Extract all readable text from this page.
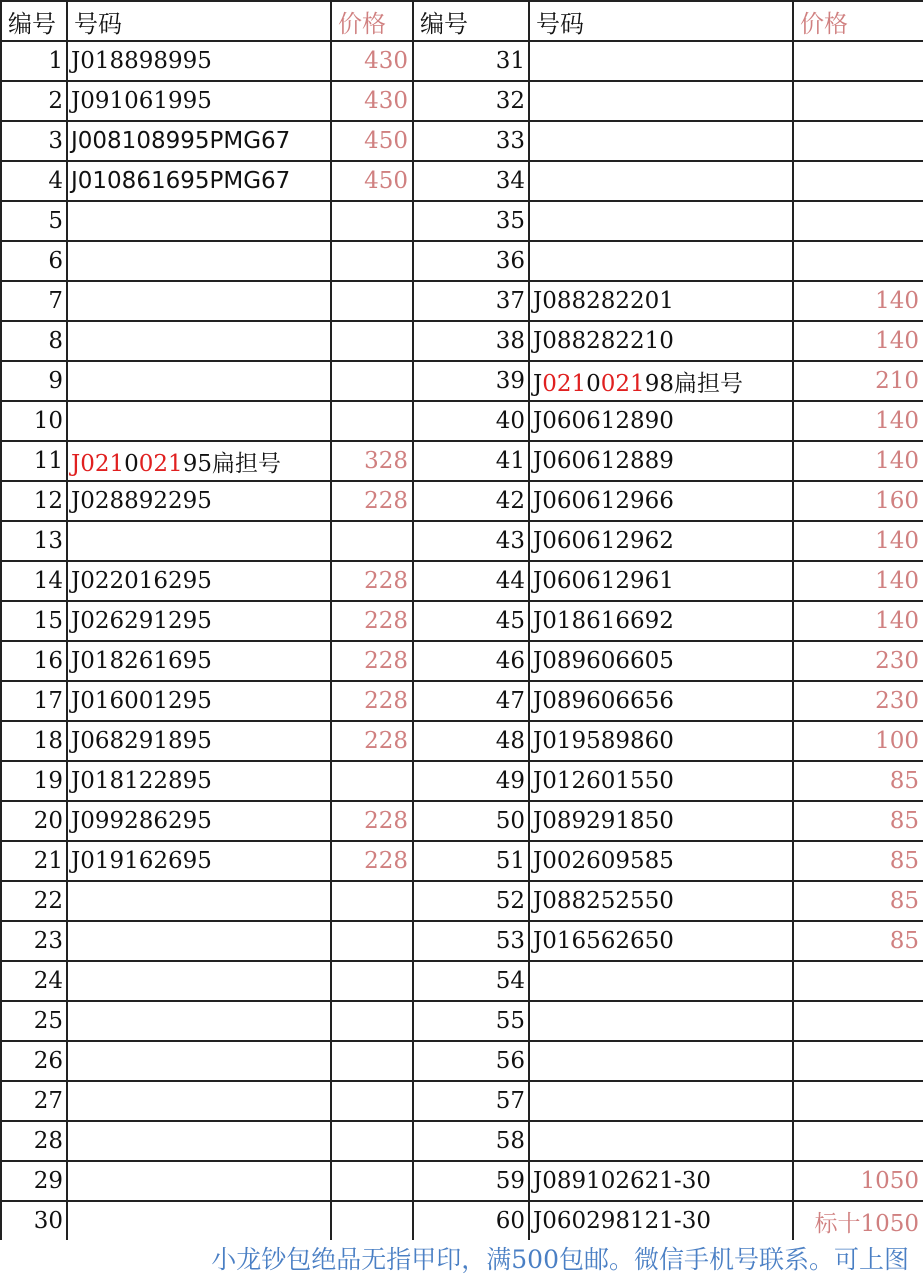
编号	号码	价格	编号	号码	价格
1	J018898995	430	31		
2	J091061995	430	32		
3	J008108995PMG67	450	33		
4	J010861695PMG67	450	34		
5			35		
6			36		
7			37	J088282201	140
8			38	J088282210	140
9			39	J021002198扁担号	210
10			40	J060612890	140
11	J021002195扁担号	328	41	J060612889	140
12	J028892295	228	42	J060612966	160
13			43	J060612962	140
14	J022016295	228	44	J060612961	140
15	J026291295	228	45	J018616692	140
16	J018261695	228	46	J089606605	230
17	J016001295	228	47	J089606656	230
18	J068291895	228	48	J019589860	100
19	J018122895		49	J012601550	85
20	J099286295	228	50	J089291850	85
21	J019162695	228	51	J002609585	85
22			52	J088252550	85
23			53	J016562650	85
24			54		
25			55		
26			56		
27			57		
28			58		
29			59	J089102621-30	1050
30			60	J060298121-30	标十1050
小龙钞包绝品无指甲印，满500包邮。微信手机号联系。可上图
